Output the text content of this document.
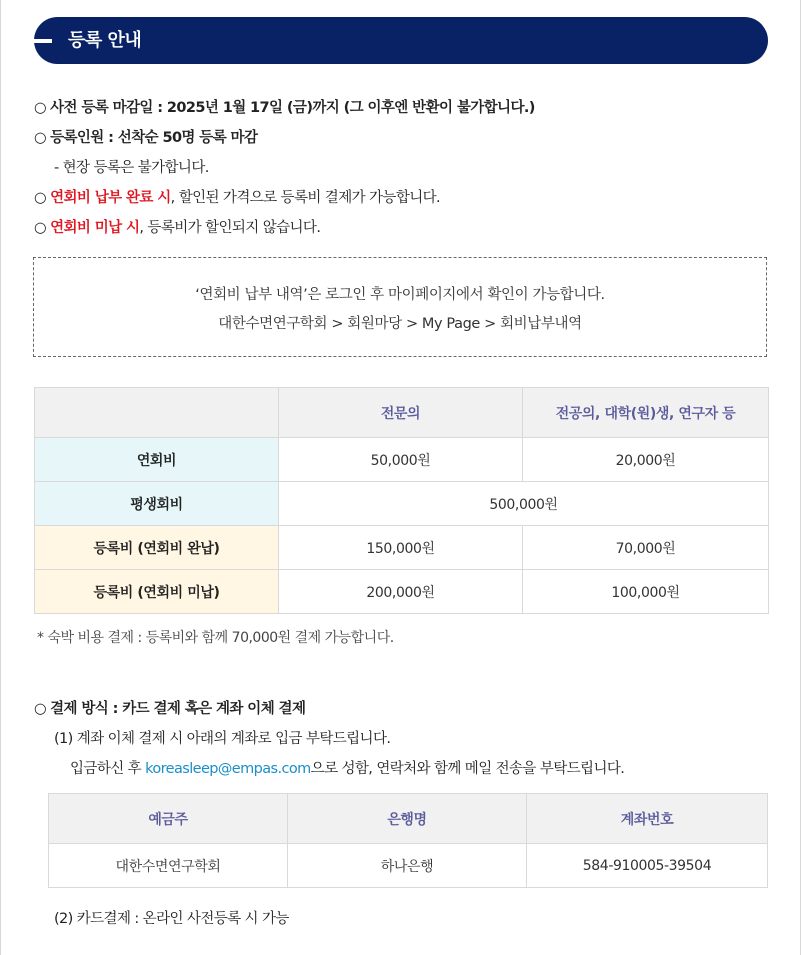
등록 안내
○ 사전 등록 마감일 : 2025년 1월 17일 (금)까지 (그 이후엔 반환이 불가합니다.)
○ 등록인원 : 선착순 50명 등록 마감
- 현장 등록은 불가합니다.
○ 연회비 납부 완료 시, 할인된 가격으로 등록비 결제가 가능합니다.
○ 연회비 미납 시, 등록비가 할인되지 않습니다.
‘연회비 납부 내역’은 로그인 후 마이페이지에서 확인이 가능합니다.
대한수면연구학회 > 회원마당 > My Page > 회비납부내역
	전문의	전공의, 대학(원)생, 연구자 등
연회비	50,000원	20,000원
평생회비	500,000원	
등록비 (연회비 완납)	150,000원	70,000원
등록비 (연회비 미납)	200,000원	100,000원
* 숙박 비용 결제 : 등록비와 함께 70,000원 결제 가능합니다.
○ 결제 방식 : 카드 결제 혹은 계좌 이체 결제
(1) 계좌 이체 결제 시 아래의 계좌로 입금 부탁드립니다.
입금하신 후 koreasleep@empas.com으로 성함, 연락처와 함께 메일 전송을 부탁드립니다.
예금주	은행명	계좌번호
대한수면연구학회	하나은행	584-910005-39504
(2) 카드결제 : 온라인 사전등록 시 가능
